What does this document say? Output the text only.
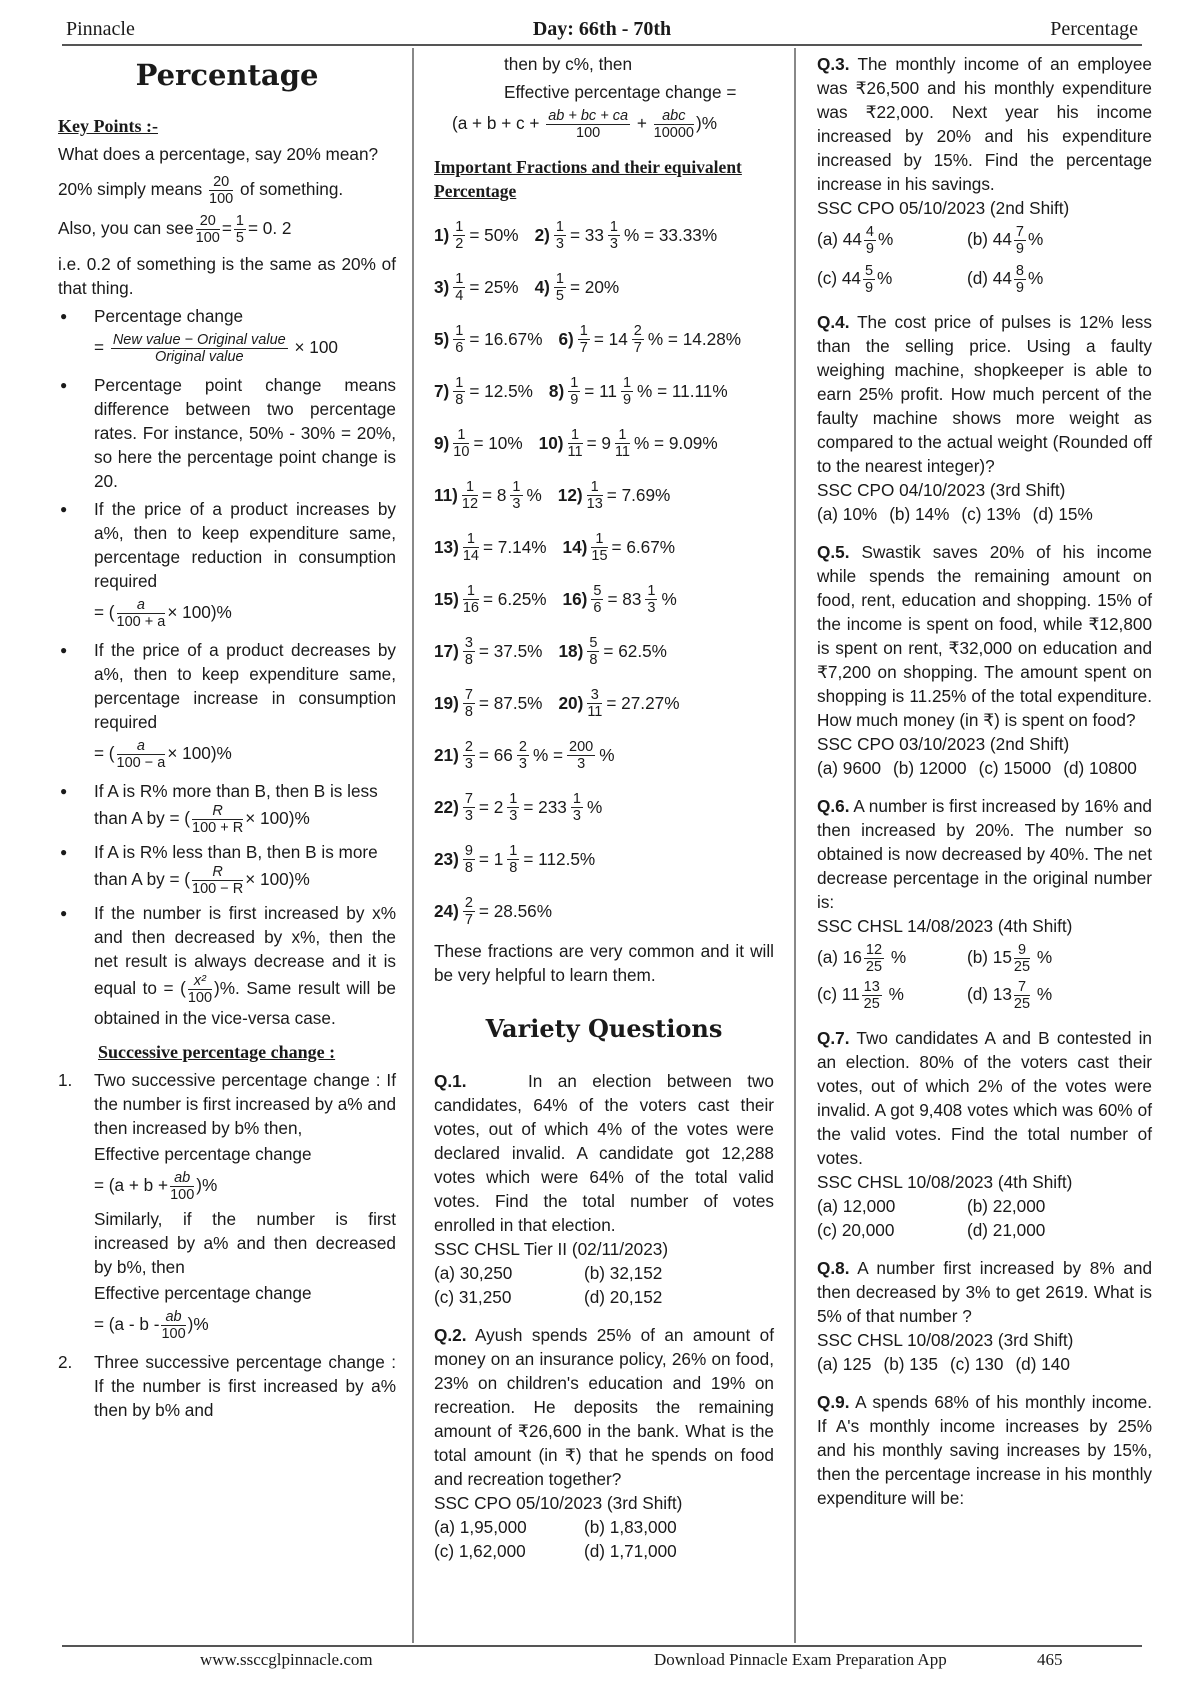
Pinnacle	Day: 66th - 70th	Percentage
Percentage

Key Points :-

What does a percentage, say 20% mean?

20% simply means $\frac{20}{100}$ of something.

Also, you can see $\frac{20}{100} = \frac{1}{5} = 0$. 2

i.e. 0.2 of something is the same as 20% of that thing.

● Percentage change
= $\frac{\text{New value − Original value}}{\text{Original value}} \times 100$
● Percentage point change means difference between two percentage rates. For instance, 50% - 30% = 20%, so here the percentage point change is 20.
● If the price of a product increases by a%, then to keep expenditure same, percentage reduction in consumption required
= ( $\frac{a}{100 + a} \times 100)\%$
● If the price of a product decreases by a%, then to keep expenditure same, percentage increase in consumption required
= ( $\frac{a}{100 - a} \times 100)\%$
● If A is R% more than B, then B is less than A by = ( $\frac{R}{100 + R} \times 100)\%$
● If A is R% less than B, then B is more than A by = ( $\frac{R}{100 - R} \times 100)\%$
● If the number is first increased by x% and then decreased by x%, then the net result is always decrease and it is equal to = ( $\frac{\text{x²}}{100}$ )%. Same result will be obtained in the vice-versa case.

Successive percentage change :

1. Two successive percentage change : If the number is first increased by a% and then increased by b% then,
Effective percentage change
= ($a + b + \frac{ab}{100}$ )%
Similarly, if the number is first increased by a% and then decreased by b%, then
Effective percentage change
= (a - b - $\frac{ab}{100}$ )%
2. Three successive percentage change : If the number is first increased by a% then by b% and

then by c%, then

Effective percentage change =

($a + b + c + \frac{ab + bc + ca}{100} + \frac{\text{abc}}{10000}$ )%

Important Fractions and their equivalent Percentage

$1) \frac{1}{2} = 50\%$ $2) \frac{1}{3} = 33 \frac{1}{3}$ % = 33.33%
$3) \frac{1}{4} = 25\%$ $4) \frac{1}{5} = 20\%$
$5) \frac{1}{6} = 16.67\%$ $6) \frac{1}{7} = 14 \frac{2}{7}$ % = 14.28%
$7) \frac{1}{8} = 12.5\%$ $8) \frac{1}{9} = 11 \frac{1}{9}$ % = 11.11%
$9) \frac{1}{10} = 10\%$ $10) \frac{1}{11} = 9 \frac{1}{11}$ % = 9.09%
$11) \frac{1}{12} = 8 \frac{1}{3}$ % $12) \frac{1}{13} = 7.69\%$
$13) \frac{1}{14} = 7.14\%$ $14) \frac{1}{15} = 6.67\%$
$15) \frac{1}{16} = 6.25\%$ $16) \frac{5}{6} = 83 \frac{1}{3}$ %
$17) \frac{3}{8} = 37.5\%$ $18) \frac{5}{8} = 62.5\%$
$19) \frac{7}{8} = 87.5\%$ $20) \frac{3}{11} = 27.27\%$
$21) \frac{2}{3} = 66 \frac{2}{3}$ % = $\frac{200}{3}$ %
$22) \frac{7}{3} = 2 \frac{1}{3} = 233 \frac{1}{3}$ %
$23) \frac{9}{8} = 1 \frac{1}{8} = 112.5\%$
$24) \frac{2}{7} = 28.56\%$

These fractions are very common and it will be very helpful to learn them.

Variety Questions

Q.1.	In an election between two candidates, 64% of the voters cast their votes, out of which 4% of the votes were declared invalid. A candidate got 12,288 votes which were 64% of the total valid votes. Find the total number of votes enrolled in that election.

SSC CHSL Tier II (02/11/2023)

(a) 30,250	(b) 32,152
(c) 31,250	(d) 20,152

Q.2. Ayush spends 25% of an amount of money on an insurance policy, 26% on food, 23% on children's education and 19% on recreation. He deposits the remaining amount of ₹26,600 in the bank. What is the total amount (in ₹) that he spends on food and recreation together?

SSC CPO 05/10/2023 (3rd Shift)

(a) 1,95,000	(b) 1,83,000
(c) 1,62,000	(d) 1,71,000

Q.3. The monthly income of an employee was ₹26,500 and his monthly expenditure was ₹22,000. Next year his income increased by 20% and his expenditure increased by 15%. Find the percentage increase in his savings.

SSC CPO 05/10/2023 (2nd Shift)

(a) $44 \frac{4}{9}$ %	(b) $44 \frac{7}{9}$ %
(c) $44 \frac{5}{9}$ %	(d) $44 \frac{8}{9}$ %

Q.4. The cost price of pulses is 12% less than the selling price. Using a faulty weighing machine, shopkeeper is able to earn 25% profit. How much percent of the faulty machine shows more weight as compared to the actual weight (Rounded off to the nearest integer)?

SSC CPO 04/10/2023 (3rd Shift)

(a) 10% (b) 14% (c) 13% (d) 15%

Q.5. Swastik saves 20% of his income while spends the remaining amount on food, rent, education and shopping. 15% of the income is spent on food, while ₹12,800 is spent on rent, ₹32,000 on education and ₹7,200 on shopping. The amount spent on shopping is 11.25% of the total expenditure. How much money (in ₹) is spent on food?

SSC CPO 03/10/2023 (2nd Shift)

(a) 9600 (b) 12000 (c) 15000 (d) 10800

Q.6. A number is first increased by 16% and then increased by 20%. The number so obtained is now decreased by 40%. The net decrease percentage in the original number is:

SSC CHSL 14/08/2023 (4th Shift)

(a) $16 \frac{12}{25}$ %	(b) $15 \frac{9}{25}$ %
(c) $11 \frac{13}{25}$ %	(d) $13 \frac{7}{25}$ %

Q.7. Two candidates A and B contested in an election. 80% of the voters cast their votes, out of which 2% of the votes were invalid. A got 9,408 votes which was 60% of the valid votes. Find the total number of votes.

SSC CHSL 10/08/2023 (4th Shift)

(a) 12,000	(b) 22,000
(c) 20,000	(d) 21,000

Q.8. A number first increased by 8% and then decreased by 3% to get 2619. What is 5% of that number ?

SSC CHSL 10/08/2023 (3rd Shift)

(a) 125 (b) 135 (c) 130 (d) 140

Q.9. A spends 68% of his monthly income. If A's monthly income increases by 25% and his monthly saving increases by 15%, then the percentage increase in his monthly expenditure will be:

www.ssccglpinnacle.com	Download Pinnacle Exam Preparation App	465
